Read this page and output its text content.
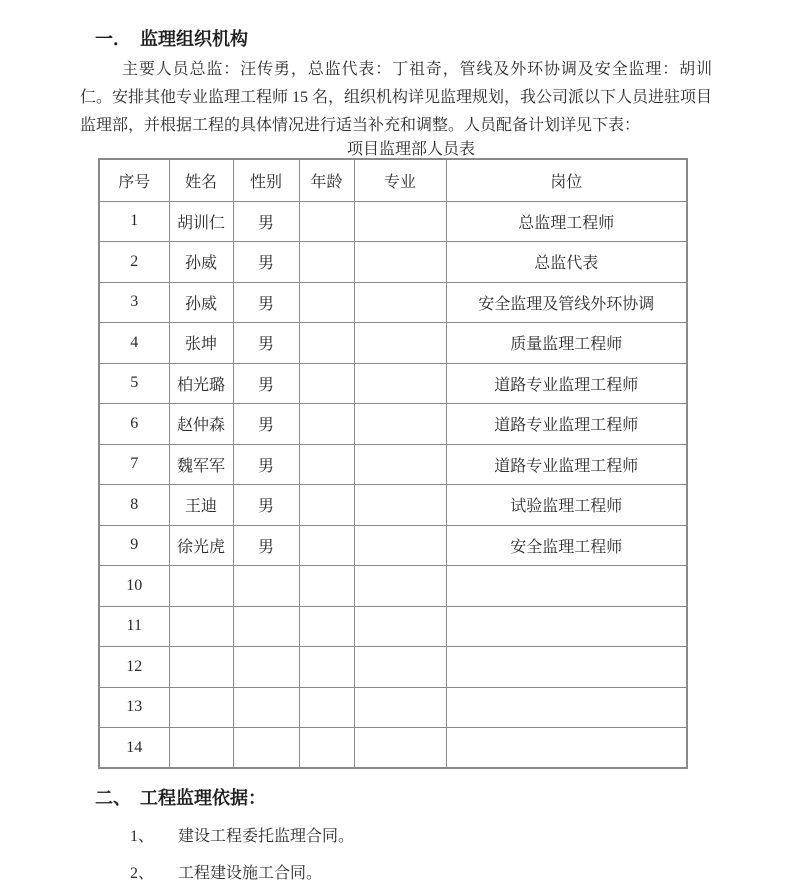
一． 监理组织机构

主要人员总监：汪传勇，总监代表：丁祖奇，管线及外环协调及安全监理：胡训仁。安排其他专业监理工程师 15 名，组织机构详见监理规划，我公司派以下人员进驻项目监理部，并根据工程的具体情况进行适当补充和调整。人员配备计划详见下表：

项目监理部人员表
序号	姓名	性别	年龄	专业	岗位
1	胡训仁	男			总监理工程师
2	孙威	男			总监代表
3	孙威	男			安全监理及管线外环协调
4	张坤	男			质量监理工程师
5	柏光璐	男			道路专业监理工程师
6	赵仲森	男			道路专业监理工程师
7	魏军军	男			道路专业监理工程师
8	王迪	男			试验监理工程师
9	徐光虎	男			安全监理工程师
10					
11					
12					
13					
14					
二、 工程监理依据：
1、 建设工程委托监理合同。
2、 工程建设施工合同。
